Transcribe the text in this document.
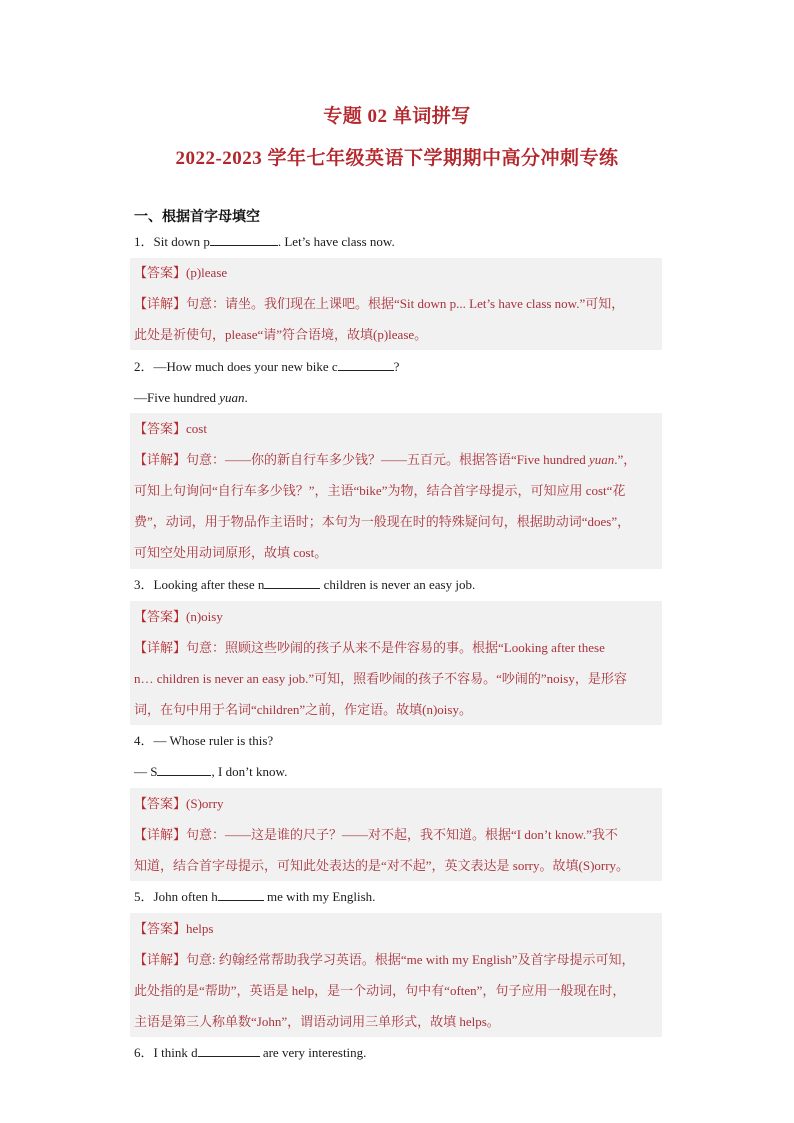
专题 02 单词拼写
2022-2023 学年七年级英语下学期期中高分冲刺专练
一、根据首字母填空
1．Sit down p	. Let’s have class now.
【答案】(p)lease
【详解】句意：请坐。我们现在上课吧。根据“Sit down p... Let’s have class now.”可知，
此处是祈使句，please“请”符合语境，故填(p)lease。
2．—How much does your new bike c	?
—Five hundred yuan.
【答案】cost
【详解】句意：——你的新自行车多少钱？——五百元。根据答语“Five hundred yuan.”，
可知上句询问“自行车多少钱？”，主语“bike”为物，结合首字母提示，可知应用 cost“花
费”，动词，用于物品作主语时；本句为一般现在时的特殊疑问句，根据助动词“does”，
可知空处用动词原形，故填 cost。
3．Looking after these n	children is never an easy job.
【答案】(n)oisy
【详解】句意：照顾这些吵闹的孩子从来不是件容易的事。根据“Looking after these
n… children is never an easy job.”可知，照看吵闹的孩子不容易。“吵闹的”noisy，是形容
词，在句中用于名词“children”之前，作定语。故填(n)oisy。
4．— Whose ruler is this?
— S	, I don’t know.
【答案】(S)orry
【详解】句意：——这是谁的尺子？——对不起，我不知道。根据“I don’t know.”我不
知道，结合首字母提示，可知此处表达的是“对不起”，英文表达是 sorry。故填(S)orry。
5．John often h	me with my English.
【答案】helps
【详解】句意: 约翰经常帮助我学习英语。根据“me with my English”及首字母提示可知，
此处指的是“帮助”，英语是 help，是一个动词，句中有“often”，句子应用一般现在时，
主语是第三人称单数“John”，谓语动词用三单形式，故填 helps。
6．I think d	are very interesting.
